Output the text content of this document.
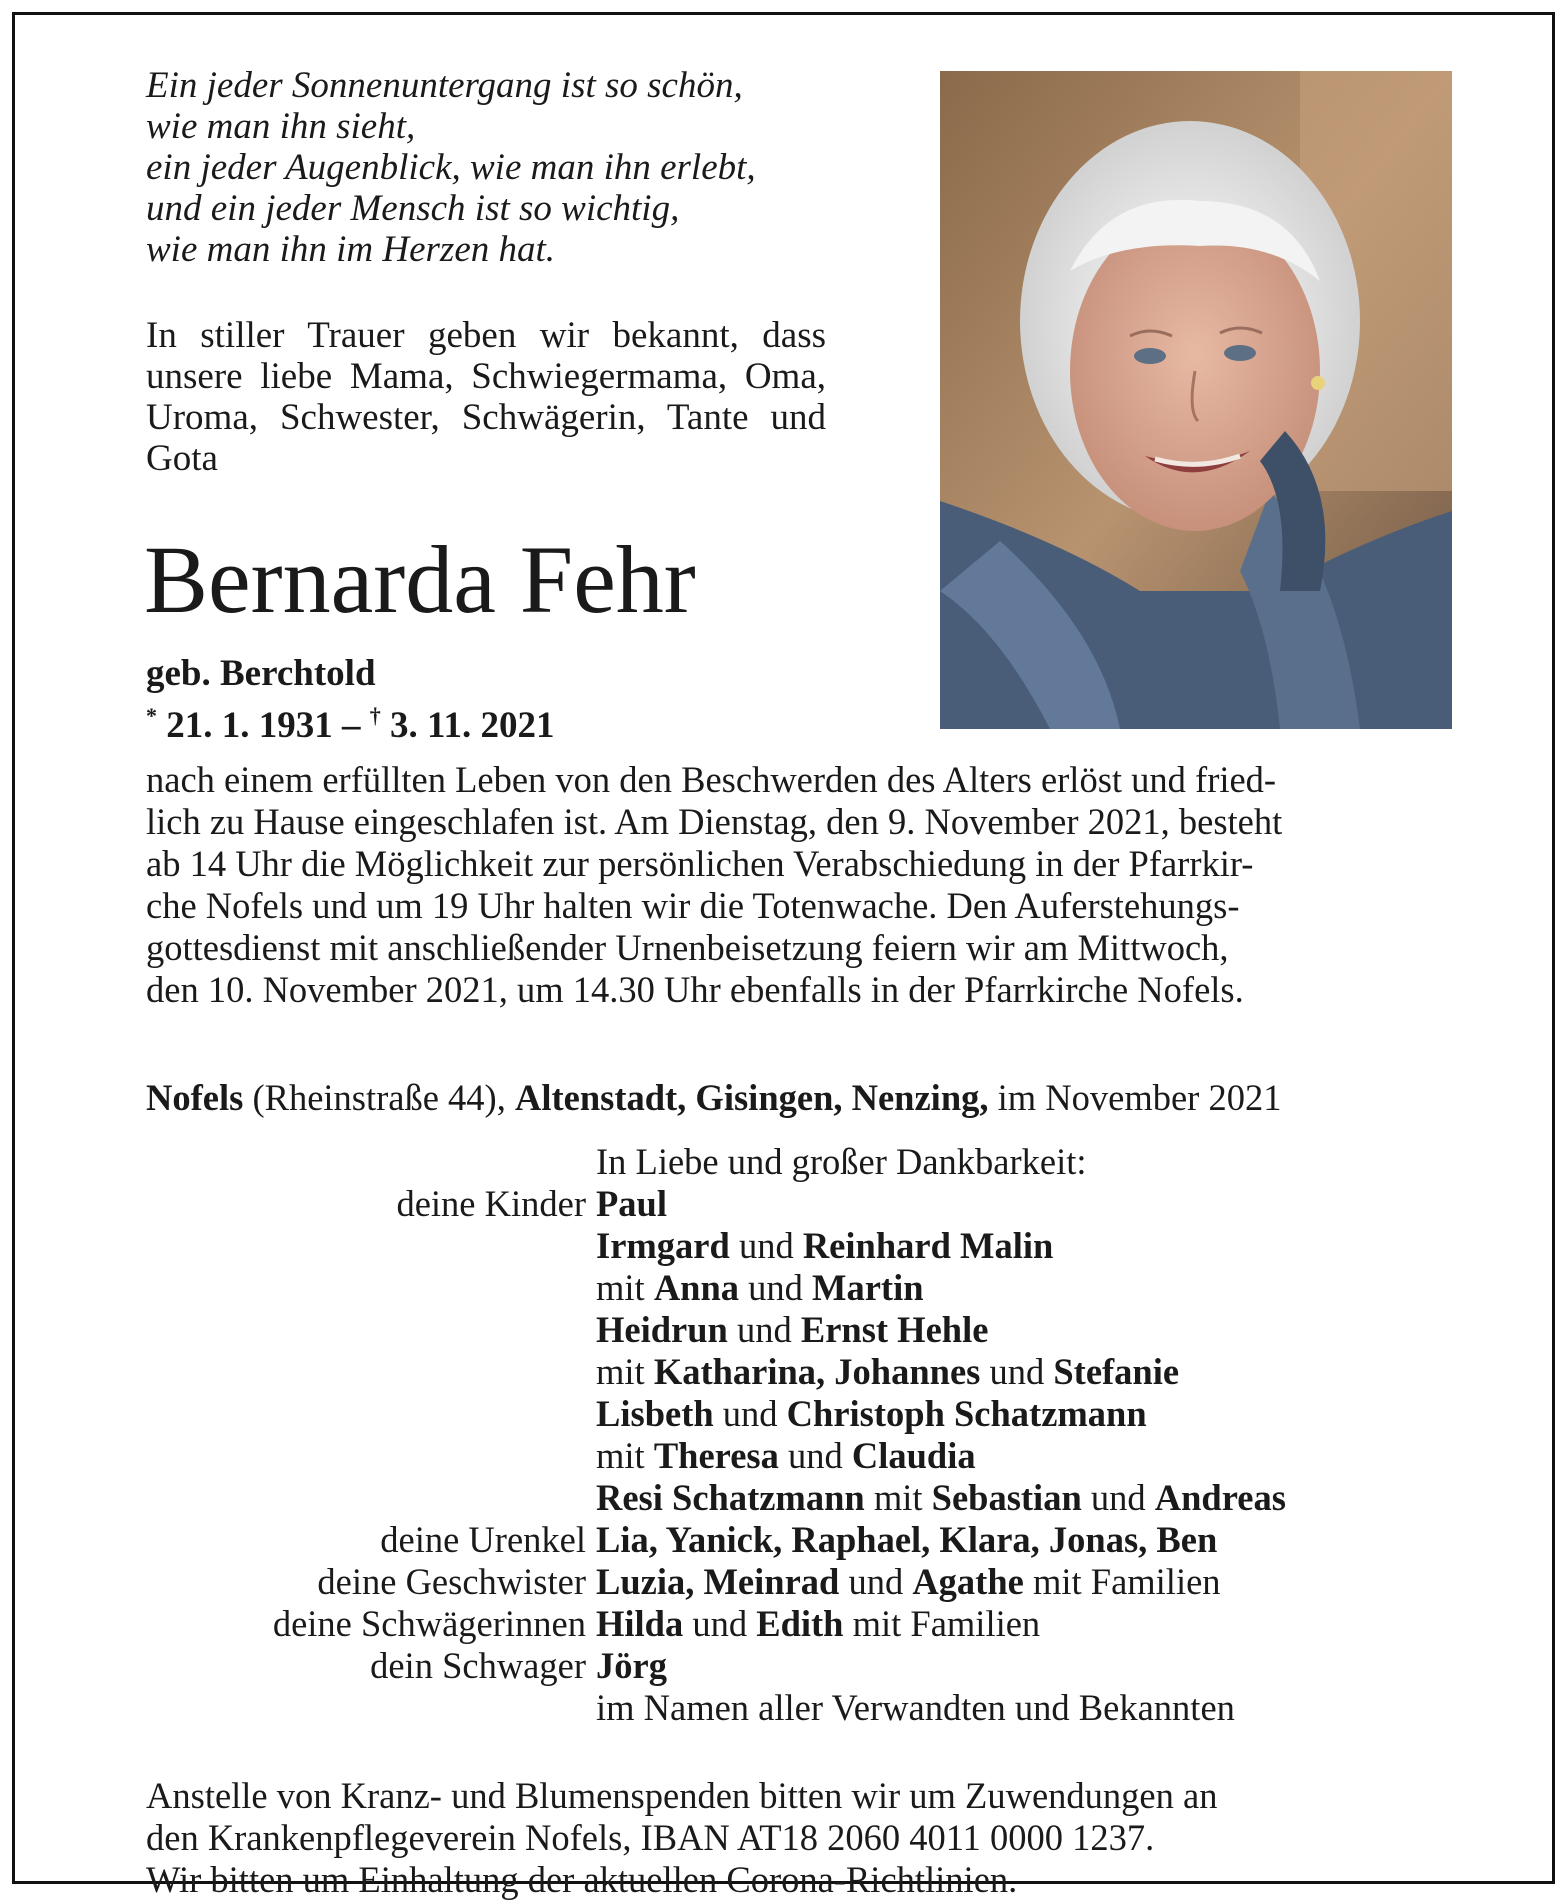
Ein jeder Sonnenuntergang ist so schön,
wie man ihn sieht,
ein jeder Augenblick, wie man ihn erlebt,
und ein jeder Mensch ist so wichtig,
wie man ihn im Herzen hat.
In stiller Trauer geben wir bekannt, dass unsere liebe Mama, Schwiegermama, Oma, Uroma, Schwester, Schwägerin, Tante und Gota
Bernarda Fehr
geb. Berchtold
* 21. 1. 1931 – † 3. 11. 2021
nach einem erfüllten Leben von den Beschwerden des Alters erlöst und fried-
lich zu Hause eingeschlafen ist. Am Dienstag, den 9. November 2021, besteht
ab 14 Uhr die Möglichkeit zur persönlichen Verabschiedung in der Pfarrkir-
che Nofels und um 19 Uhr halten wir die Totenwache. Den Auferstehungs-
gottesdienst mit anschließender Urnenbeisetzung feiern wir am Mittwoch,
den 10. November 2021, um 14.30 Uhr ebenfalls in der Pfarrkirche Nofels.
Nofels (Rheinstraße 44), Altenstadt, Gisingen, Nenzing, im November 2021
In Liebe und großer Dankbarkeit:
deine Kinder Paul
Irmgard und Reinhard Malin
mit Anna und Martin
Heidrun und Ernst Hehle
mit Katharina, Johannes und Stefanie
Lisbeth und Christoph Schatzmann
mit Theresa und Claudia
Resi Schatzmann mit Sebastian und Andreas
deine Urenkel Lia, Yanick, Raphael, Klara, Jonas, Ben
deine Geschwister Luzia, Meinrad und Agathe mit Familien
deine Schwägerinnen Hilda und Edith mit Familien
dein Schwager Jörg
im Namen aller Verwandten und Bekannten
Anstelle von Kranz- und Blumenspenden bitten wir um Zuwendungen an
den Krankenpflegeverein Nofels, IBAN AT18 2060 4011 0000 1237.
Wir bitten um Einhaltung der aktuellen Corona-Richtlinien.
